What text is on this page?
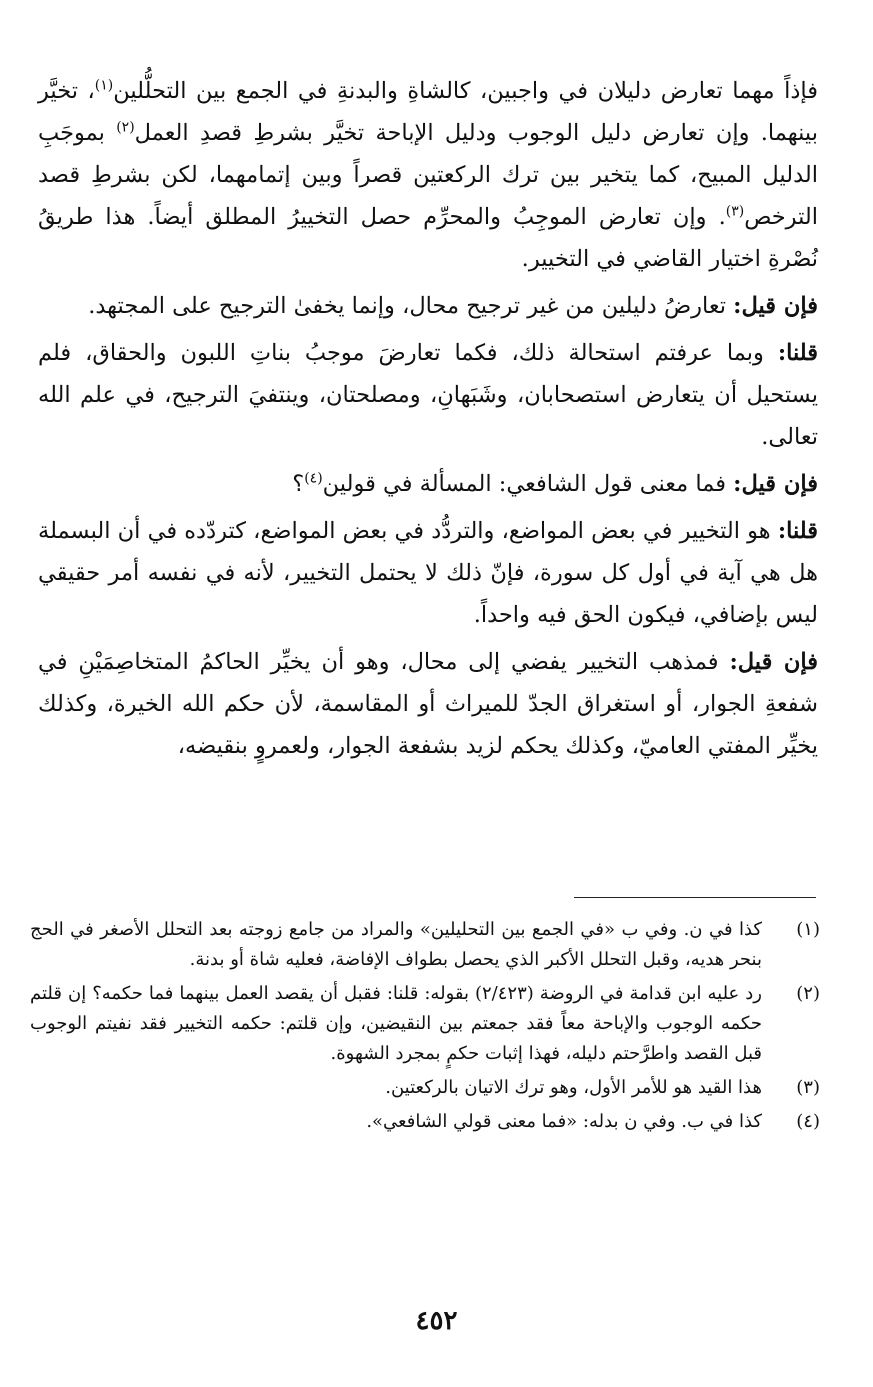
فإذاً مهما تعارض دليلان في واجبين، كالشاةِ والبدنةِ في الجمع بين التحلُّلين$^{(١)}$، تخيَّر بينهما. وإن تعارض دليل الوجوب ودليل الإباحة تخيَّر بشرطِ قصدِ العمل$^{(٢)}$ بموجَبِ الدليل المبيح، كما يتخير بين ترك الركعتين قصراً وبين إتمامهما، لكن بشرطِ قصد الترخص$^{(٣)}$. وإن تعارض الموجِبُ والمحرِّم حصل التخييرُ المطلق أيضاً. هذا طريقُ نُصْرةِ اختيار القاضي في التخيير.

فإن قيل: تعارضُ دليلين من غير ترجيح محال، وإنما يخفىٰ الترجيح على المجتهد.

قلنا: وبما عرفتم استحالة ذلك، فكما تعارضَ موجبُ بناتِ اللبون والحقاق، فلم يستحيل أن يتعارض استصحابان، وشَبَهانِ، ومصلحتان، وينتفيَ الترجيح، في علم الله تعالى.

فإن قيل: فما معنى قول الشافعي: المسألة في قولين$^{(٤)}$؟

قلنا: هو التخيير في بعض المواضع، والتردُّد في بعض المواضع، كتردّده في أن البسملة هل هي آية في أول كل سورة، فإنّ ذلك لا يحتمل التخيير، لأنه في نفسه أمر حقيقي ليس بإضافي، فيكون الحق فيه واحداً.

فإن قيل: فمذهب التخيير يفضي إلى محال، وهو أن يخيِّر الحاكمُ المتخاصِمَيْنِ في شفعةِ الجوار، أو استغراق الجدّ للميراث أو المقاسمة، لأن حكم الله الخيرة، وكذلك يخيِّر المفتي العاميّ، وكذلك يحكم لزيد بشفعة الجوار، ولعمروٍ بنقيضه،

(١)
كذا في ن. وفي ب «في الجمع بين التحليلين» والمراد من جامع زوجته بعد التحلل الأصغر في الحج بنحر هديه، وقبل التحلل الأكبر الذي يحصل بطواف الإفاضة، فعليه شاة أو بدنة.
(٢)
رد عليه ابن قدامة في الروضة (٢/٤٢٣) بقوله: قلنا: فقبل أن يقصد العمل بينهما فما حكمه؟ إن قلتم حكمه الوجوب والإباحة معاً فقد جمعتم بين النقيضين، وإن قلتم: حكمه التخيير فقد نفيتم الوجوب قبل القصد واطرَّحتم دليله، فهذا إثبات حكمٍ بمجرد الشهوة.
(٣)
هذا القيد هو للأمر الأول، وهو ترك الاتيان بالركعتين.
(٤)
كذا في ب. وفي ن بدله: «فما معنى قولي الشافعي».
٤٥٢
